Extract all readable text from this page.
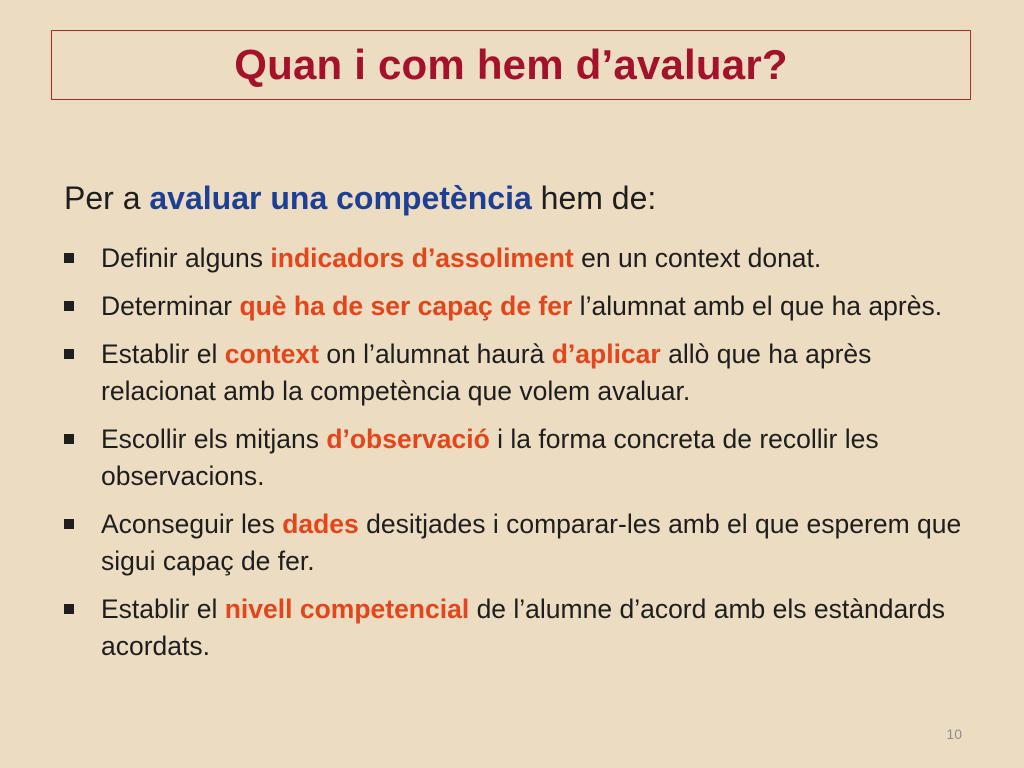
Quan i com hem d’avaluar?

Per a avaluar una competència hem de:

Definir alguns indicadors d’assoliment en un context donat.
Determinar què ha de ser capaç de fer l’alumnat amb el que ha après.
Establir el context on l’alumnat haurà d’aplicar allò que ha après relacionat amb la competència que volem avaluar.
Escollir els mitjans d’observació i la forma concreta de recollir les observacions.
Aconseguir les dades desitjades i comparar-les amb el que esperem que sigui capaç de fer.
Establir el nivell competencial de l’alumne d’acord amb els estàndards acordats.
10
